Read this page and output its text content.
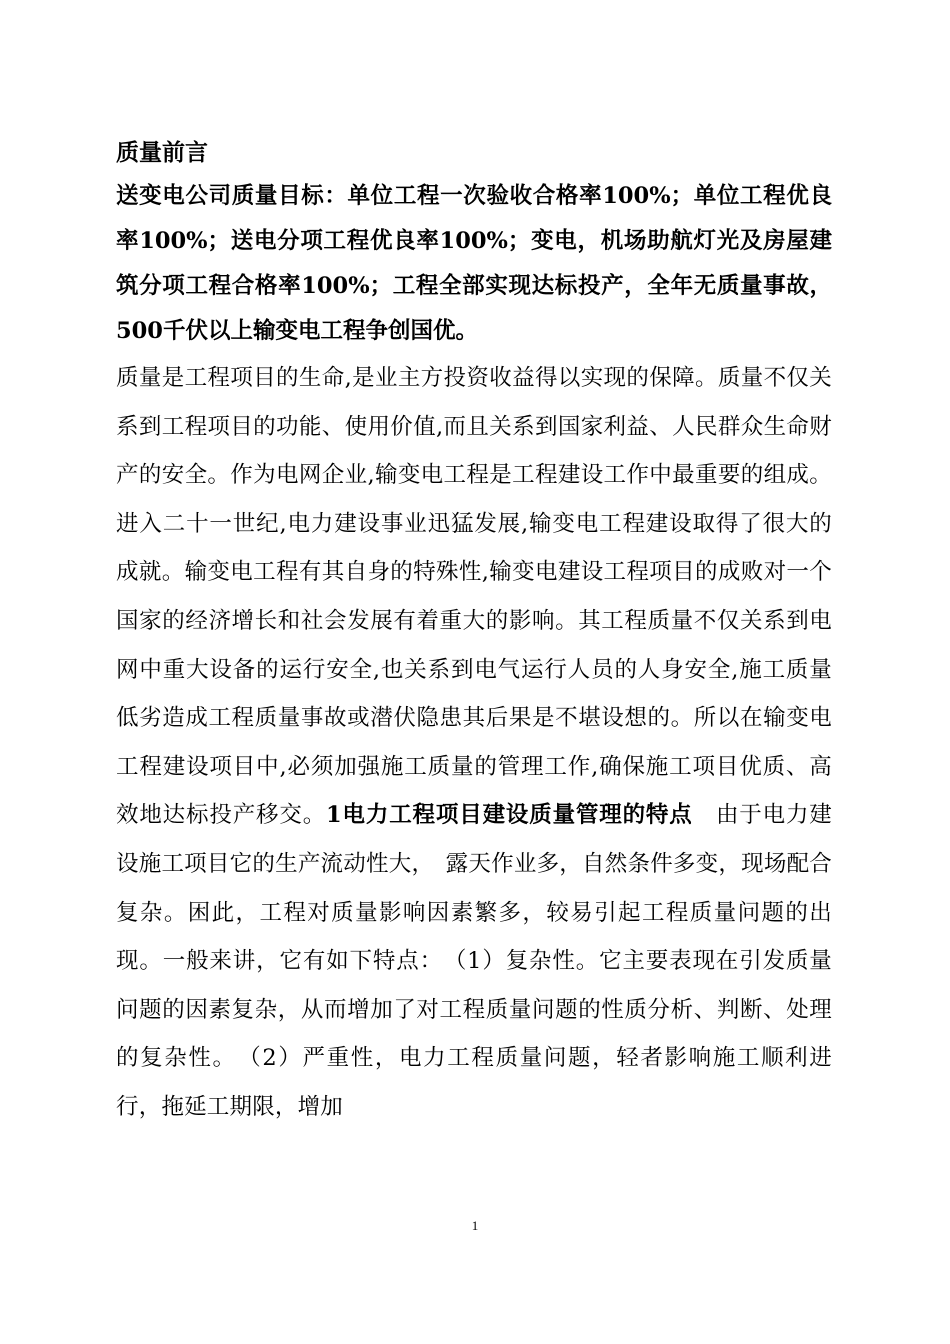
质量前言

送变电公司质量目标：单位工程一次验收合格率100%；单位工程优良率100%；送电分项工程优良率100%；变电，机场助航灯光及房屋建筑分项工程合格率100%；工程全部实现达标投产，全年无质量事故，500千伏以上输变电工程争创国优。

质量是工程项目的生命,是业主方投资收益得以实现的保障。质量不仅关系到工程项目的功能、使用价值,而且关系到国家利益、人民群众生命财产的安全。作为电网企业,输变电工程是工程建设工作中最重要的组成。进入二十一世纪,电力建设事业迅猛发展,输变电工程建设取得了很大的成就。输变电工程有其自身的特殊性,输变电建设工程项目的成败对一个国家的经济增长和社会发展有着重大的影响。其工程质量不仅关系到电网中重大设备的运行安全,也关系到电气运行人员的人身安全,施工质量低劣造成工程质量事故或潜伏隐患其后果是不堪设想的。所以在输变电工程建设项目中,必须加强施工质量的管理工作,确保施工项目优质、高效地达标投产移交。1电力工程项目建设质量管理的特点　由于电力建设施工项目它的生产流动性大，　露天作业多，自然条件多变，现场配合复杂。困此，工程对质量影响因素繁多，较易引起工程质量问题的出现。一般来讲，它有如下特点：　（1）复杂性。它主要表现在引发质量问题的因素复杂，从而增加了对工程质量问题的性质分析、判断、处理的复杂性。　（2）严重性，电力工程质量问题，轻者影响施工顺利进行，拖延工期限，增加

1
